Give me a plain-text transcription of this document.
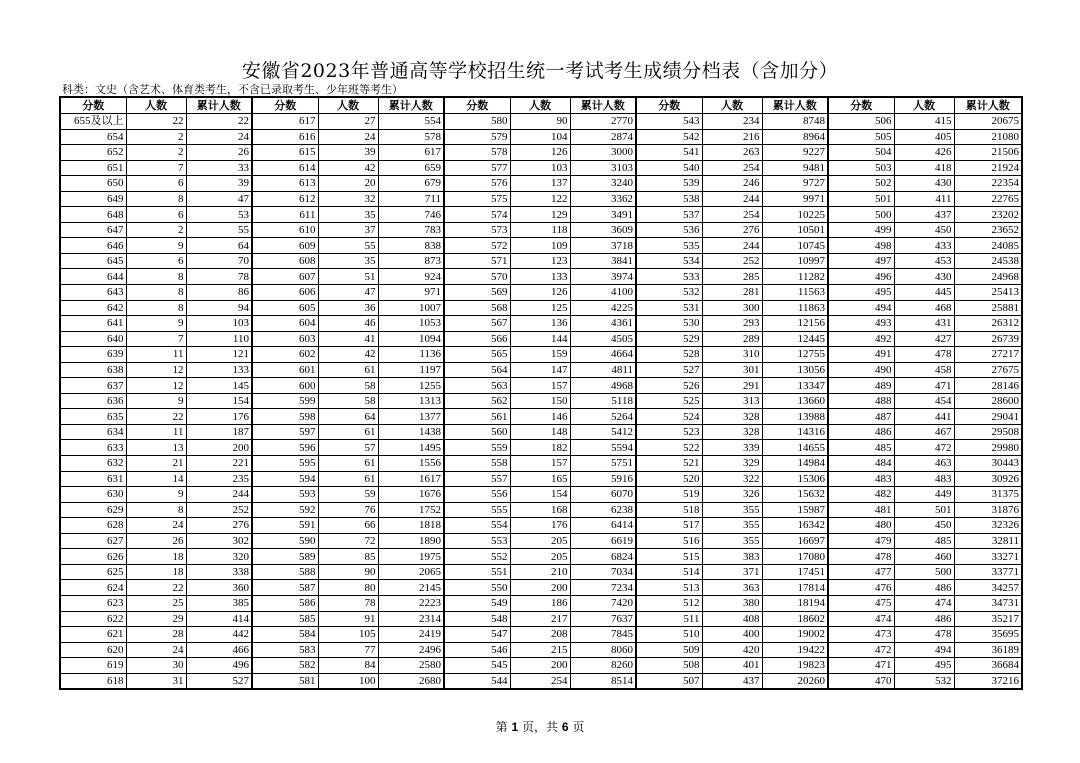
安徽省2023年普通高等学校招生统一考试考生成绩分档表（含加分）
科类：文史（含艺术、体育类考生，不含已录取考生、少年班等考生）
分数	人数	累计人数	分数	人数	累计人数	分数	人数	累计人数	分数	人数	累计人数	分数	人数	累计人数
655及以上	22	22	617	27	554	580	90	2770	543	234	8748	506	415	20675
654	2	24	616	24	578	579	104	2874	542	216	8964	505	405	21080
652	2	26	615	39	617	578	126	3000	541	263	9227	504	426	21506
651	7	33	614	42	659	577	103	3103	540	254	9481	503	418	21924
650	6	39	613	20	679	576	137	3240	539	246	9727	502	430	22354
649	8	47	612	32	711	575	122	3362	538	244	9971	501	411	22765
648	6	53	611	35	746	574	129	3491	537	254	10225	500	437	23202
647	2	55	610	37	783	573	118	3609	536	276	10501	499	450	23652
646	9	64	609	55	838	572	109	3718	535	244	10745	498	433	24085
645	6	70	608	35	873	571	123	3841	534	252	10997	497	453	24538
644	8	78	607	51	924	570	133	3974	533	285	11282	496	430	24968
643	8	86	606	47	971	569	126	4100	532	281	11563	495	445	25413
642	8	94	605	36	1007	568	125	4225	531	300	11863	494	468	25881
641	9	103	604	46	1053	567	136	4361	530	293	12156	493	431	26312
640	7	110	603	41	1094	566	144	4505	529	289	12445	492	427	26739
639	11	121	602	42	1136	565	159	4664	528	310	12755	491	478	27217
638	12	133	601	61	1197	564	147	4811	527	301	13056	490	458	27675
637	12	145	600	58	1255	563	157	4968	526	291	13347	489	471	28146
636	9	154	599	58	1313	562	150	5118	525	313	13660	488	454	28600
635	22	176	598	64	1377	561	146	5264	524	328	13988	487	441	29041
634	11	187	597	61	1438	560	148	5412	523	328	14316	486	467	29508
633	13	200	596	57	1495	559	182	5594	522	339	14655	485	472	29980
632	21	221	595	61	1556	558	157	5751	521	329	14984	484	463	30443
631	14	235	594	61	1617	557	165	5916	520	322	15306	483	483	30926
630	9	244	593	59	1676	556	154	6070	519	326	15632	482	449	31375
629	8	252	592	76	1752	555	168	6238	518	355	15987	481	501	31876
628	24	276	591	66	1818	554	176	6414	517	355	16342	480	450	32326
627	26	302	590	72	1890	553	205	6619	516	355	16697	479	485	32811
626	18	320	589	85	1975	552	205	6824	515	383	17080	478	460	33271
625	18	338	588	90	2065	551	210	7034	514	371	17451	477	500	33771
624	22	360	587	80	2145	550	200	7234	513	363	17814	476	486	34257
623	25	385	586	78	2223	549	186	7420	512	380	18194	475	474	34731
622	29	414	585	91	2314	548	217	7637	511	408	18602	474	486	35217
621	28	442	584	105	2419	547	208	7845	510	400	19002	473	478	35695
620	24	466	583	77	2496	546	215	8060	509	420	19422	472	494	36189
619	30	496	582	84	2580	545	200	8260	508	401	19823	471	495	36684
618	31	527	581	100	2680	544	254	8514	507	437	20260	470	532	37216
第 1 页，共 6 页
